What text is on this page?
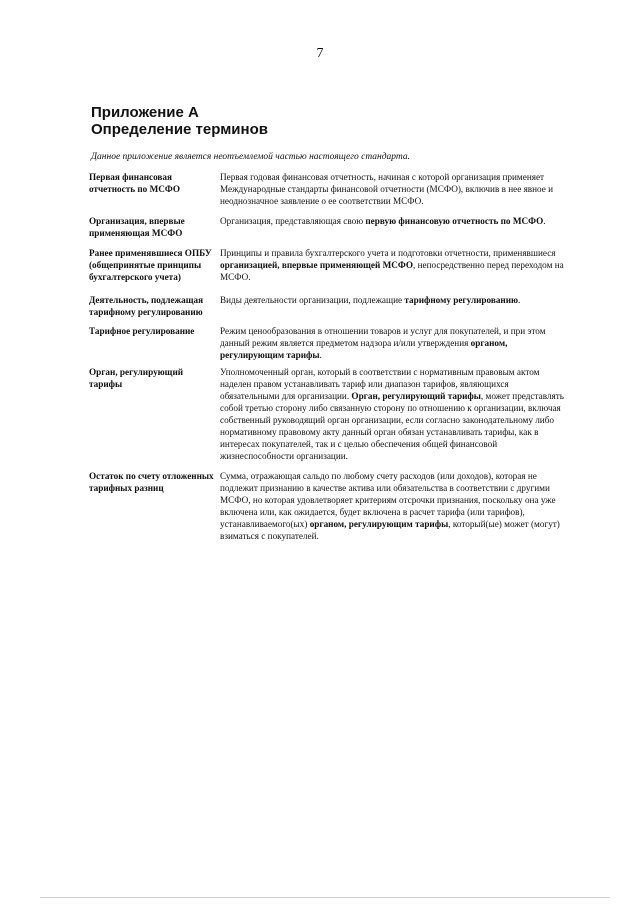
7
Приложение А
Определение терминов
Данное приложение является неотъемлемой частью настоящего стандарта.
Первая финансовая отчетность по МСФО
Первая годовая финансовая отчетность, начиная с которой организация применяет Международные стандарты финансовой отчетности (МСФО), включив в нее явное и неоднозначное заявление о ее соответствии МСФО.
Организация, впервые применяющая МСФО
Организация, представляющая свою первую финансовую отчетность по МСФО.
Ранее применявшиеся ОПБУ (общепринятые принципы бухгалтерского учета)
Принципы и правила бухгалтерского учета и подготовки отчетности, применявшиеся организацией, впервые применяющей МСФО, непосредственно перед переходом на МСФО.
Деятельность, подлежащая тарифному регулированию
Виды деятельности организации, подлежащие тарифному регулированию.
Тарифное регулирование	Режим ценообразования в отношении товаров и услуг для покупателей, и при этом данный режим является предметом надзора и/или утверждения органом, регулирующим тарифы.
Орган, регулирующий тарифы
Уполномоченный орган, который в соответствии с нормативным правовым актом наделен правом устанавливать тариф или диапазон тарифов, являющихся обязательными для организации. Орган, регулирующий тарифы, может представлять собой третью сторону либо связанную сторону по отношению к организации, включая собственный руководящий орган организации, если согласно законодательному либо нормативному правовому акту данный орган обязан устанавливать тарифы, как в интересах покупателей, так и с целью обеспечения общей финансовой жизнеспособности организации.
Остаток по счету отложенных тарифных разниц
Сумма, отражающая сальдо по любому счету расходов (или доходов), которая не подлежит признанию в качестве актива или обязательства в соответствии с другими МСФО, но которая удовлетворяет критериям отсрочки признания, поскольку она уже включена или, как ожидается, будет включена в расчет тарифа (или тарифов), устанавливаемого(ых) органом, регулирующим тарифы, который(ые) может (могут) взиматься с покупателей.
